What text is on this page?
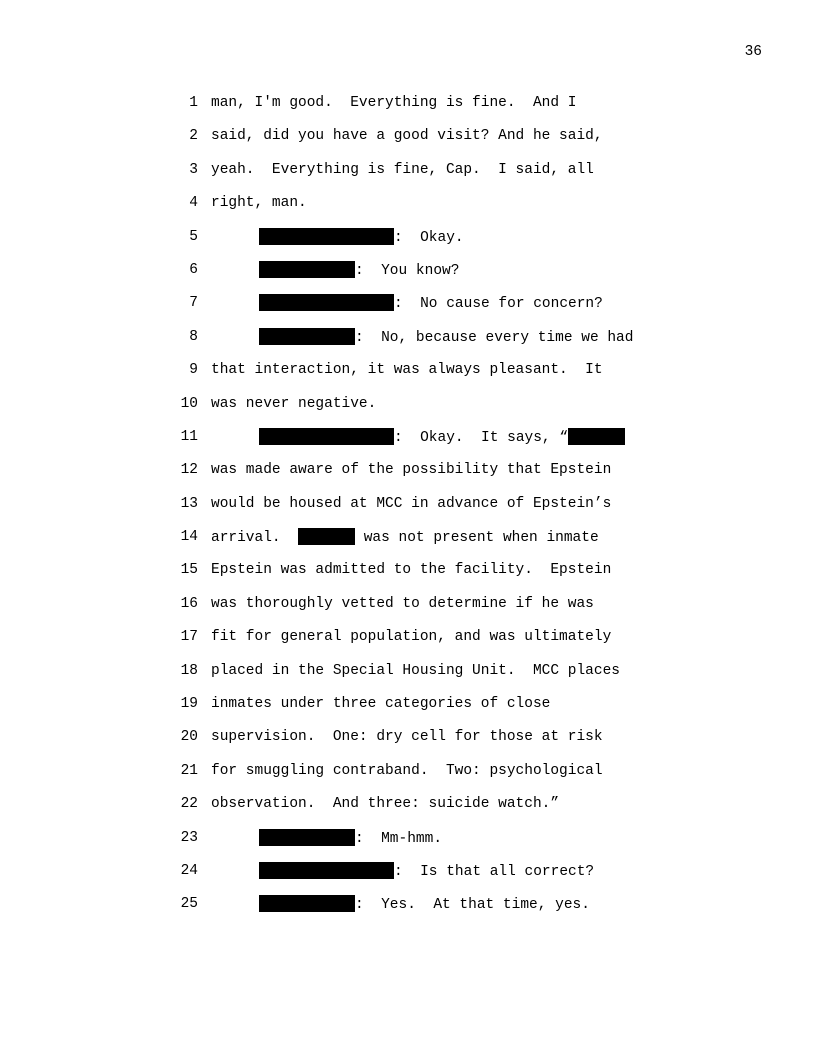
36
1 man, I'm good.  Everything is fine.  And I
2 said, did you have a good visit? And he said,
3 yeah.  Everything is fine, Cap.  I said, all
4 right, man.
5	:  Okay.
6	:  You know?
7	:  No cause for concern?
8	:  No, because every time we had
9 that interaction, it was always pleasant.  It
10 was never negative.
11	:  Okay.  It says, “
12 was made aware of the possibility that Epstein
13 would be housed at MCC in advance of Epstein’s
14 arrival.	was not present when inmate
15 Epstein was admitted to the facility.  Epstein
16 was thoroughly vetted to determine if he was
17 fit for general population, and was ultimately
18 placed in the Special Housing Unit.  MCC places
19 inmates under three categories of close
20 supervision.  One: dry cell for those at risk
21 for smuggling contraband.  Two: psychological
22 observation.  And three: suicide watch.”
23	:  Mm-hmm.
24	:  Is that all correct?
25	:  Yes.  At that time, yes.
